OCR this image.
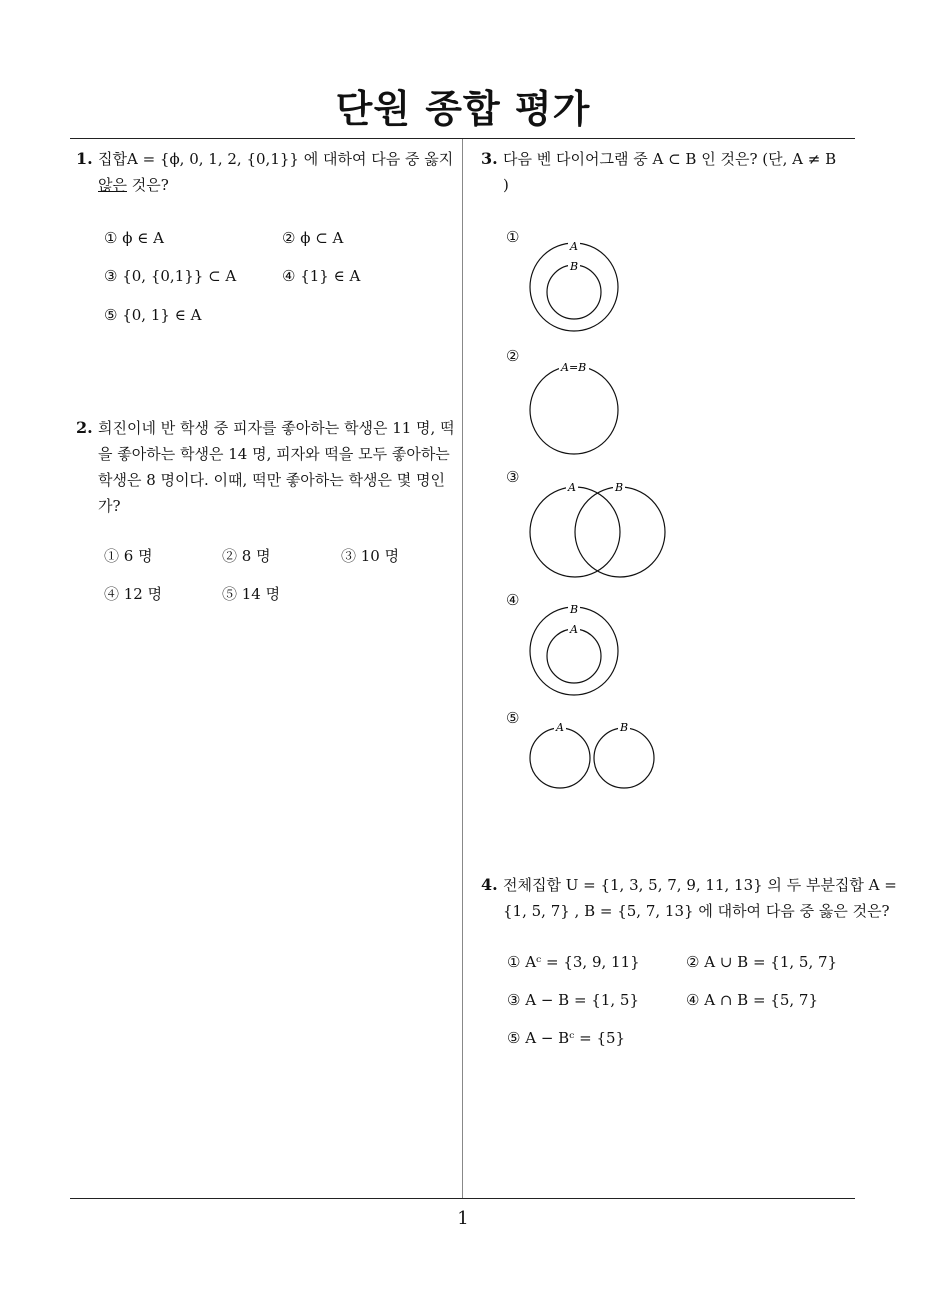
단원 종합 평가
1
1. 집합A = {ϕ, 0, 1, 2, {0,1}} 에 대하여 다음 중 옳지
않은 것은?
① ϕ ∈ A	② ϕ ⊂ A
③ {0, {0,1}} ⊂ A	④ {1} ∈ A
⑤ {0, 1} ∈ A
2. 희진이네 반 학생 중 피자를 좋아하는 학생은 11 명, 떡
을 좋아하는 학생은 14 명, 피자와 떡을 모두 좋아하는
학생은 8 명이다. 이때, 떡만 좋아하는 학생은 몇 명인
가?
① 6 명	② 8 명	③ 10 명
④ 12 명	⑤ 14 명
3. 다음 벤 다이어그램 중 A ⊂ B 인 것은? (단, A ≠ B
)
①
A
B
②
A=B
③
A	B
④
B
A
⑤
A	B
4. 전체집합 U = {1, 3, 5, 7, 9, 11, 13} 의 두 부분집합 A =
{1, 5, 7} , B = {5, 7, 13} 에 대하여 다음 중 옳은 것은?
① Aᶜ = {3, 9, 11}	② A ∪ B = {1, 5, 7}
③ A − B = {1, 5}	④ A ∩ B = {5, 7}
⑤ A − Bᶜ = {5}
